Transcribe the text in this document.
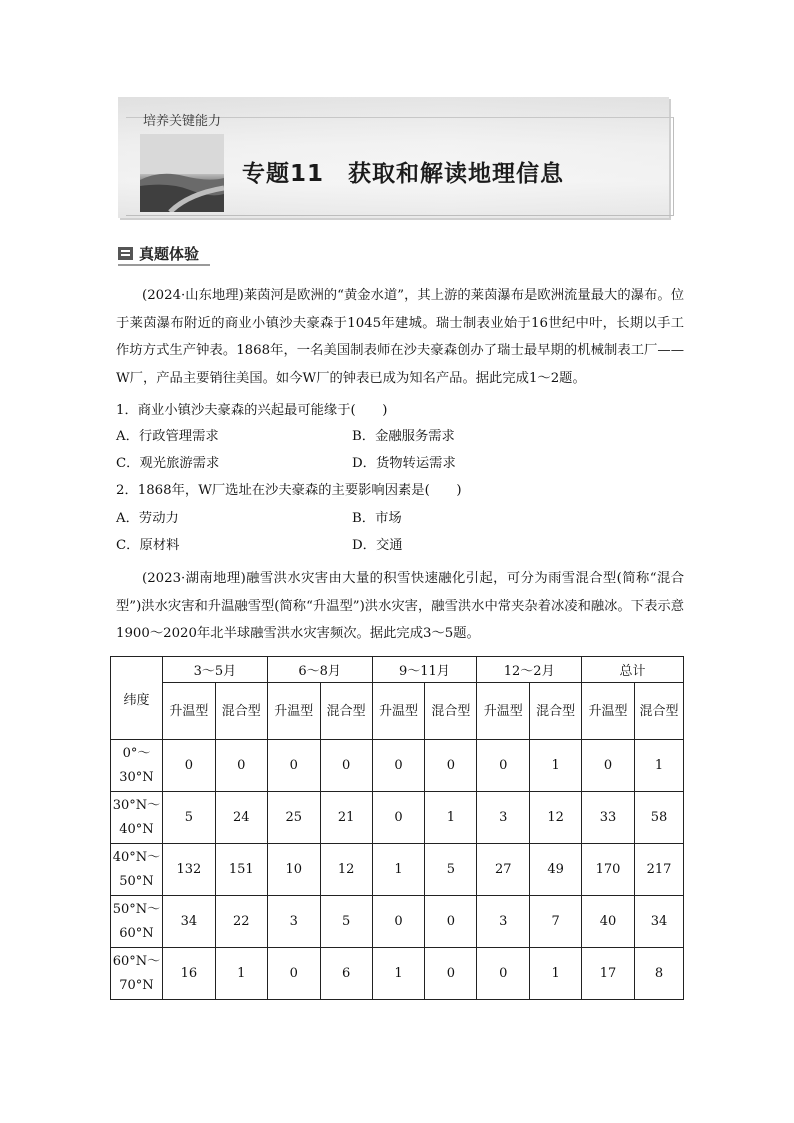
培养关键能力
专题11　获取和解读地理信息
真题体验
(2024·山东地理)莱茵河是欧洲的“黄金水道”，其上游的莱茵瀑布是欧洲流量最大的瀑布。位于莱茵瀑布附近的商业小镇沙夫豪森于1045年建城。瑞士制表业始于16世纪中叶，长期以手工作坊方式生产钟表。1868年，一名美国制表师在沙夫豪森创办了瑞士最早期的机械制表工厂——W厂，产品主要销往美国。如今W厂的钟表已成为知名产品。据此完成1～2题。
1．商业小镇沙夫豪森的兴起最可能缘于(　　)
A．行政管理需求	B．金融服务需求
C．观光旅游需求	D．货物转运需求
2．1868年，W厂选址在沙夫豪森的主要影响因素是(　　)
A．劳动力	B．市场
C．原材料	D．交通
(2023·湖南地理)融雪洪水灾害由大量的积雪快速融化引起，可分为雨雪混合型(简称“混合型”)洪水灾害和升温融雪型(简称“升温型”)洪水灾害，融雪洪水中常夹杂着冰凌和融冰。下表示意1900～2020年北半球融雪洪水灾害频次。据此完成3～5题。
纬度	3～5月		6～8月		9～11月		12～2月		总计	
	升温型	混合型	升温型	混合型	升温型	混合型	升温型	混合型	升温型	混合型
0°～30°N	0	0	0	0	0	0	0	1	0	1
30°N～40°N	5	24	25	21	0	1	3	12	33	58
40°N～50°N	132	151	10	12	1	5	27	49	170	217
50°N～60°N	34	22	3	5	0	0	3	7	40	34
60°N～70°N	16	1	0	6	1	0	0	1	17	8
